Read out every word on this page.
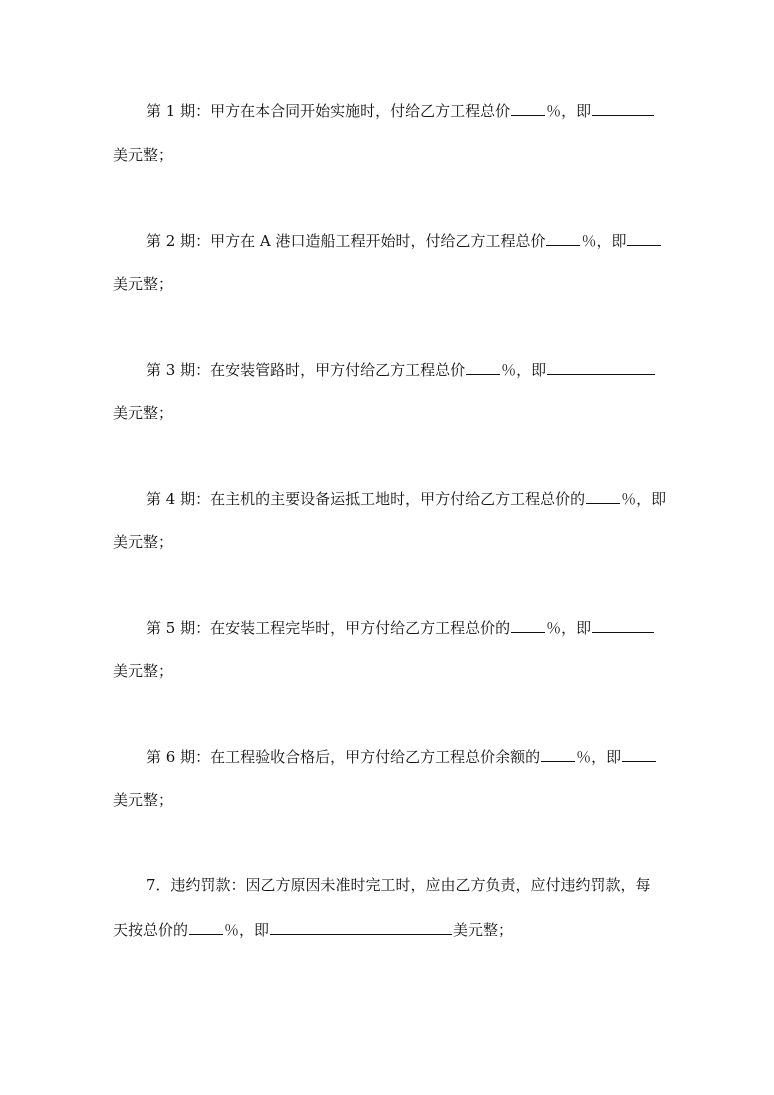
第 1 期：甲方在本合同开始实施时，付给乙方工程总价 ％，即
美元整；
第 2 期：甲方在 A 港口造船工程开始时，付给乙方工程总价 ％，即
美元整；
第 3 期：在安装管路时，甲方付给乙方工程总价 ％，即
美元整；
第 4 期：在主机的主要设备运抵工地时，甲方付给乙方工程总价的 ％，即
美元整；
第 5 期：在安装工程完毕时，甲方付给乙方工程总价的 ％，即
美元整；
第 6 期：在工程验收合格后，甲方付给乙方工程总价余额的 ％，即
美元整；
7．违约罚款：因乙方原因未准时完工时，应由乙方负责，应付违约罚款，每
天按总价的 ％，即	美元整；
